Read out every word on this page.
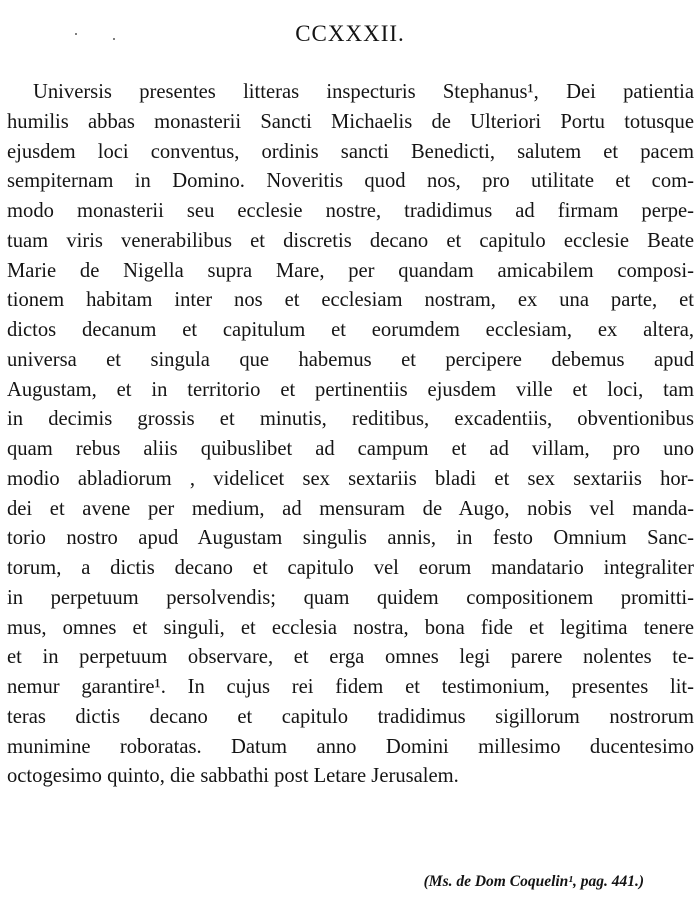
CCXXXII.
Universis presentes litteras inspecturis Stephanus¹, Dei patientia
humilis abbas monasterii Sancti Michaelis de Ulteriori Portu totusque
ejusdem loci conventus, ordinis sancti Benedicti, salutem et pacem
sempiternam in Domino. Noveritis quod nos, pro utilitate et com-
modo monasterii seu ecclesie nostre, tradidimus ad firmam perpe-
tuam viris venerabilibus et discretis decano et capitulo ecclesie Beate
Marie de Nigella supra Mare, per quandam amicabilem composi-
tionem habitam inter nos et ecclesiam nostram, ex una parte, et
dictos decanum et capitulum et eorumdem ecclesiam, ex altera,
universa et singula que habemus et percipere debemus apud
Augustam, et in territorio et pertinentiis ejusdem ville et loci, tam
in decimis grossis et minutis, reditibus, excadentiis, obventionibus
quam rebus aliis quibuslibet ad campum et ad villam, pro uno
modio abladiorum , videlicet sex sextariis bladi et sex sextariis hor-
dei et avene per medium, ad mensuram de Augo, nobis vel manda-
torio nostro apud Augustam singulis annis, in festo Omnium Sanc-
torum, a dictis decano et capitulo vel eorum mandatario integraliter
in perpetuum persolvendis; quam quidem compositionem promitti-
mus, omnes et singuli, et ecclesia nostra, bona fide et legitima tenere
et in perpetuum observare, et erga omnes legi parere nolentes te-
nemur garantire¹. In cujus rei fidem et testimonium, presentes lit-
teras dictis decano et capitulo tradidimus sigillorum nostrorum
munimine roboratas. Datum anno Domini millesimo ducentesimo
octogesimo quinto, die sabbathi post Letare Jerusalem.
(Ms. de Dom Coquelin¹, pag. 441.)
